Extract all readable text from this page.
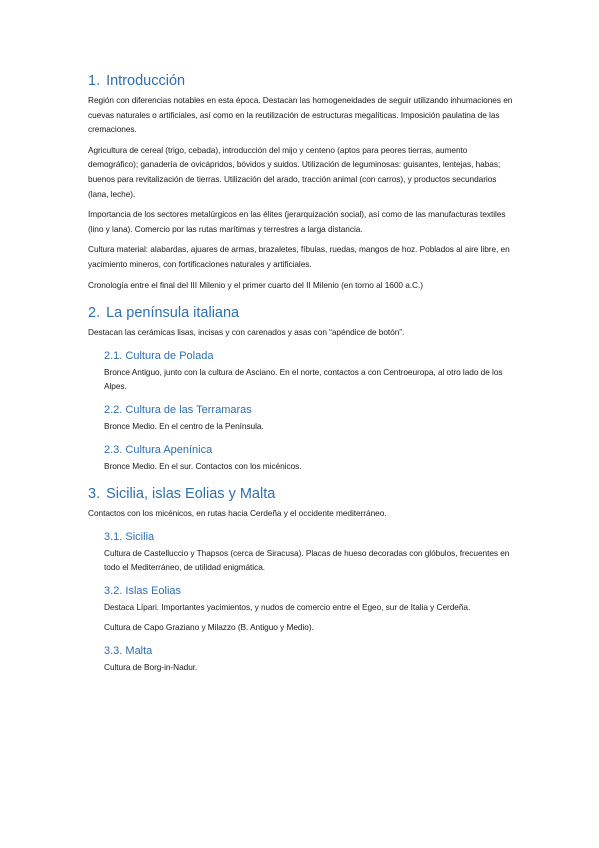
1. Introducción

Región con diferencias notables en esta época. Destacan las homogeneidades de seguir utilizando inhumaciones en cuevas naturales o artificiales, así como en la reutilización de estructuras megalíticas. Imposición paulatina de las cremaciones.

Agricultura de cereal (trigo, cebada), introducción del mijo y centeno (aptos para peores tierras, aumento demográfico); ganadería de ovicápridos, bóvidos y suidos. Utilización de leguminosas: guisantes, lentejas, habas; buenos para revitalización de tierras. Utilización del arado, tracción animal (con carros), y productos secundarios (lana, leche).

Importancia de los sectores metalúrgicos en las élites (jerarquización social), así como de las manufacturas textiles (lino y lana). Comercio por las rutas marítimas y terrestres a larga distancia.

Cultura material: alabardas, ajuares de armas, brazaletes, fíbulas, ruedas, mangos de hoz. Poblados al aire libre, en yacimiento mineros, con fortificaciones naturales y artificiales.

Cronología entre el final del III Milenio y el primer cuarto del II Milenio (en torno al 1600 a.C.)

2. La península italiana

Destacan las cerámicas lisas, incisas y con carenados y asas con “apéndice de botón”.

2.1. Cultura de Polada

Bronce Antiguo, junto con la cultura de Asciano. En el norte, contactos a con Centroeuropa, al otro lado de los Alpes.

2.2. Cultura de las Terramaras

Bronce Medio. En el centro de la Península.

2.3. Cultura Apenínica

Bronce Medio. En el sur. Contactos con los micénicos.

3. Sicilia, islas Eolias y Malta

Contactos con los micénicos, en rutas hacia Cerdeña y el occidente mediterráneo.

3.1. Sicilia

Cultura de Castelluccio y Thapsos (cerca de Siracusa). Placas de hueso decoradas con glóbulos, frecuentes en todo el Mediterráneo, de utilidad enigmática.

3.2. Islas Eolias

Destaca Lípari. Importantes yacimientos, y nudos de comercio entre el Egeo, sur de Italia y Cerdeña.

Cultura de Capo Graziano y Milazzo (B. Antiguo y Medio).

3.3. Malta

Cultura de Borg-in-Nadur.
